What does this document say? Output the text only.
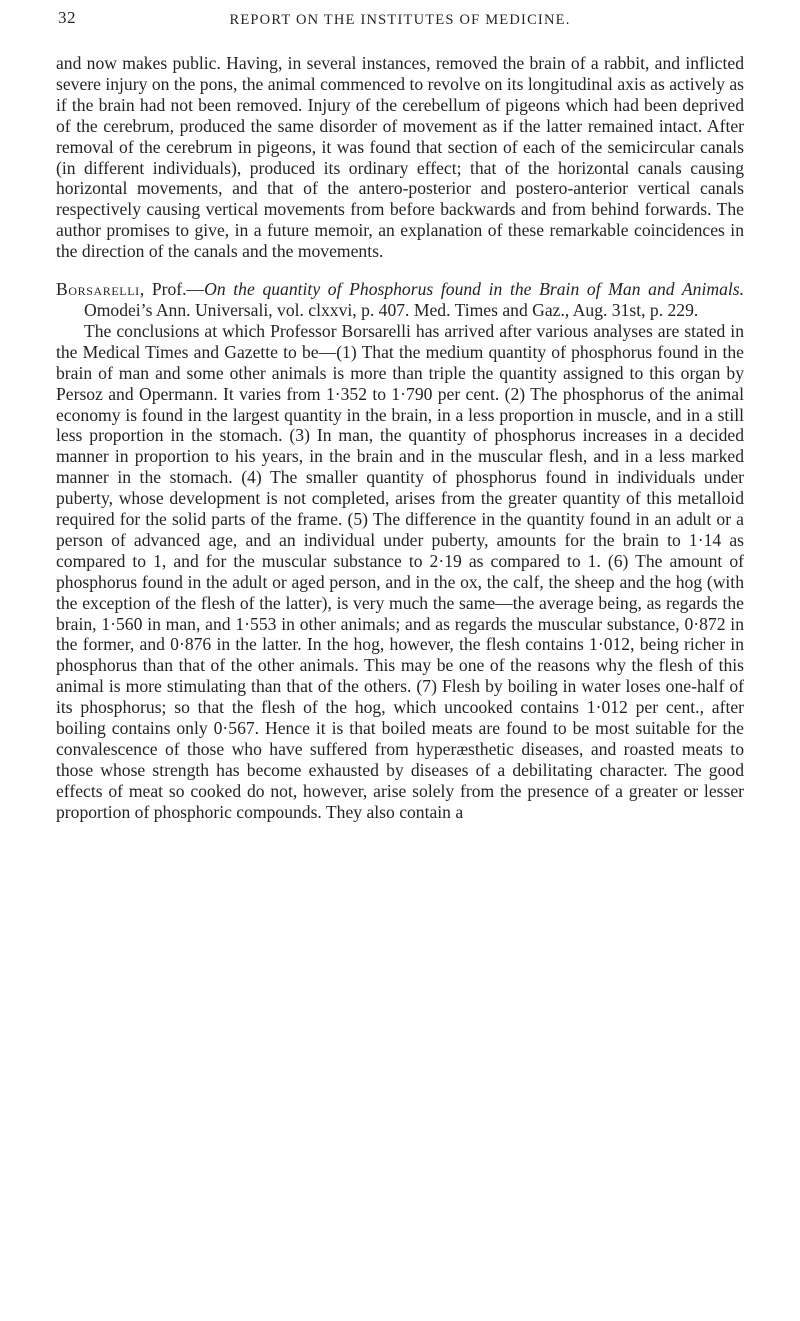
32	REPORT ON THE INSTITUTES OF MEDICINE.

and now makes public. Having, in several instances, removed the brain of a rabbit, and inflicted severe injury on the pons, the animal commenced to revolve on its longitudinal axis as actively as if the brain had not been removed. Injury of the cerebellum of pigeons which had been deprived of the cerebrum, produced the same disorder of movement as if the latter remained intact. After removal of the cerebrum in pigeons, it was found that section of each of the semicircular canals (in different individuals), produced its ordinary effect; that of the horizontal canals causing horizontal movements, and that of the antero-posterior and postero-anterior vertical canals respectively causing vertical movements from before backwards and from behind forwards. The author promises to give, in a future memoir, an explanation of these remarkable coincidences in the direction of the canals and the movements.

Borsarelli, Prof.—On the quantity of Phosphorus found in the Brain of Man and Animals. Omodei’s Ann. Universali, vol. clxxvi, p. 407. Med. Times and Gaz., Aug. 31st, p. 229.

The conclusions at which Professor Borsarelli has arrived after various analyses are stated in the Medical Times and Gazette to be—(1) That the medium quantity of phosphorus found in the brain of man and some other animals is more than triple the quantity assigned to this organ by Persoz and Opermann. It varies from 1·352 to 1·790 per cent. (2) The phosphorus of the animal economy is found in the largest quantity in the brain, in a less proportion in muscle, and in a still less proportion in the stomach. (3) In man, the quantity of phosphorus increases in a decided manner in proportion to his years, in the brain and in the muscular flesh, and in a less marked manner in the stomach. (4) The smaller quantity of phosphorus found in individuals under puberty, whose development is not completed, arises from the greater quantity of this metalloid required for the solid parts of the frame. (5) The difference in the quantity found in an adult or a person of advanced age, and an individual under puberty, amounts for the brain to 1·14 as compared to 1, and for the muscular substance to 2·19 as compared to 1. (6) The amount of phosphorus found in the adult or aged person, and in the ox, the calf, the sheep and the hog (with the exception of the flesh of the latter), is very much the same—the average being, as regards the brain, 1·560 in man, and 1·553 in other animals; and as regards the muscular substance, 0·872 in the former, and 0·876 in the latter. In the hog, however, the flesh contains 1·012, being richer in phosphorus than that of the other animals. This may be one of the reasons why the flesh of this animal is more stimulating than that of the others. (7) Flesh by boiling in water loses one-half of its phosphorus; so that the flesh of the hog, which uncooked contains 1·012 per cent., after boiling contains only 0·567. Hence it is that boiled meats are found to be most suitable for the convalescence of those who have suffered from hyperæsthetic diseases, and roasted meats to those whose strength has become exhausted by diseases of a debilitating character. The good effects of meat so cooked do not, however, arise solely from the presence of a greater or lesser proportion of phosphoric compounds. They also contain a
